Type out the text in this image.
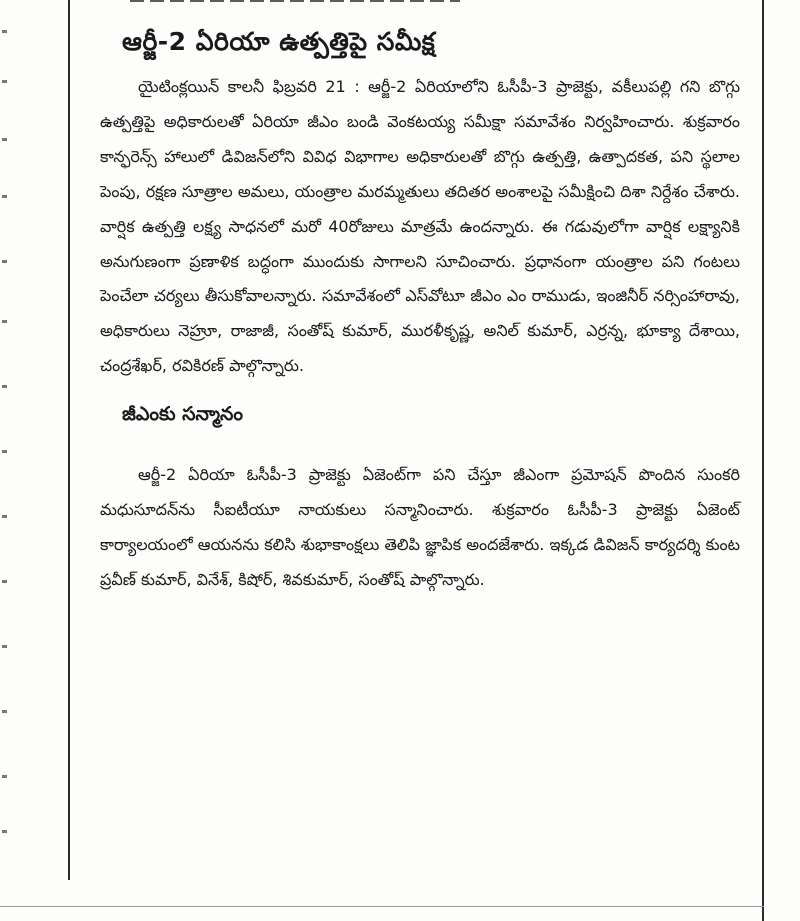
ఆర్జీ-2 ఏరియా ఉత్పత్తిపై సమీక్ష

యైటింక్లయిన్ కాలనీ ఫిబ్రవరి 21 : ఆర్జీ-2 ఏరియాలోని ఓసీపీ-3 ప్రాజెక్టు, వకీలుపల్లి గని బొగ్గు ఉత్పత్తిపై అధికారులతో ఏరియా జీఎం బండి వెంకటయ్య సమీక్షా సమావేశం నిర్వహించారు. శుక్రవారం కాన్ఫరెన్స్ హాలులో డివిజన్‌లోని వివిధ విభాగాల అధికారులతో బొగ్గు ఉత్పత్తి, ఉత్పాదకత, పని స్థలాల పెంపు, రక్షణ సూత్రాల అమలు, యంత్రాల మరమ్మతులు తదితర అంశాలపై సమీక్షించి దిశా నిర్దేశం చేశారు. వార్షిక ఉత్పత్తి లక్ష్య సాధనలో మరో 40రోజులు మాత్రమే ఉందన్నారు. ఈ గడువులోగా వార్షిక లక్ష్యానికి అనుగుణంగా ప్రణాళిక బద్ధంగా ముందుకు సాగాలని సూచించారు. ప్రధానంగా యంత్రాల పని గంటలు పెంచేలా చర్యలు తీసుకోవాలన్నారు. సమావేశంలో ఎస్‌వోటూ జీఎం ఎం రాముడు, ఇంజినీర్ నర్సింహారావు, అధికారులు నెహ్రూ, రాజాజీ, సంతోష్ కుమార్, మురళీకృష్ణ, అనిల్ కుమార్, ఎర్రన్న, భూక్యా దేశాయి, చంద్రశేఖర్, రవికిరణ్ పాల్గొన్నారు.

జీఎంకు సన్మానం

ఆర్జీ-2 ఏరియా ఓసీపీ-3 ప్రాజెక్టు ఏజెంట్‌గా పని చేస్తూ జీఎంగా ప్రమోషన్ పొందిన సుంకరి మధుసూదన్‌ను సీఐటీయూ నాయకులు సన్మానించారు. శుక్రవారం ఓసీపీ-3 ప్రాజెక్టు ఏజెంట్ కార్యాలయంలో ఆయనను కలిసి శుభాకాంక్షలు తెలిపి జ్ఞాపిక అందజేశారు. ఇక్కడ డివిజన్ కార్యదర్శి కుంట ప్రవీణ్ కుమార్, వినేశ్, కిషోర్, శివకుమార్, సంతోష్ పాల్గొన్నారు.
